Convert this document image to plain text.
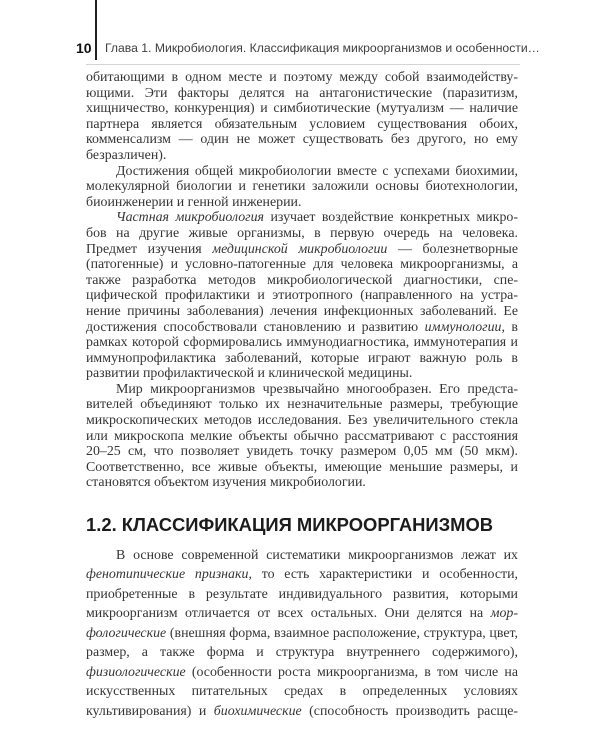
10 Глава 1. Микробиология. Классификация микроорганизмов и особенности…

обитающими в одном месте и поэтому между собой взаимодействующими. Эти факторы делятся на антагонистические (паразитизм, хищничество, конкуренция) и симбиотические (мутуализм — наличие партнера является обязательным условием существования обоих, комменсализм — один не может существовать без другого, но ему безразличен).

Достижения общей микробиологии вместе с успехами биохимии, молекулярной биологии и генетики заложили основы биотехнологии, биоинженерии и генной инженерии.

Частная микробиология изучает воздействие конкретных микробов на другие живые организмы, в первую очередь на человека. Предмет изучения медицинской микробиологии — болезнетворные (патогенные) и условно-патогенные для человека микроорганизмы, а также разработка методов микробиологической диагностики, специфической профилактики и этиотропного (направленного на устранение причины заболевания) лечения инфекционных заболеваний. Ее достижения способствовали становлению и развитию иммунологии, в рамках которой сформировались иммунодиагностика, иммунотерапия и иммунопрофилактика заболеваний, которые играют важную роль в развитии профилактической и клинической медицины.

Мир микроорганизмов чрезвычайно многообразен. Его представителей объединяют только их незначительные размеры, требующие микроскопических методов исследования. Без увеличительного стекла или микроскопа мелкие объекты обычно рассматривают с расстояния 20–25 см, что позволяет увидеть точку размером 0,05 мм (50 мкм). Соответственно, все живые объекты, имеющие меньшие размеры, и становятся объектом изучения микробиологии.

1.2. КЛАССИФИКАЦИЯ МИКРООРГАНИЗМОВ

В основе современной систематики микроорганизмов лежат их фенотипические признаки, то есть характеристики и особенности, приобретенные в результате индивидуального развития, которыми микроорганизм отличается от всех остальных. Они делятся на морфологические (внешняя форма, взаимное расположение, структура, цвет, размер, а также форма и структура внутреннего содержимого), физиологические (особенности роста микроорганизма, в том числе на искусственных питательных средах в определенных условиях культивирования) и биохимические (способность производить расще-
